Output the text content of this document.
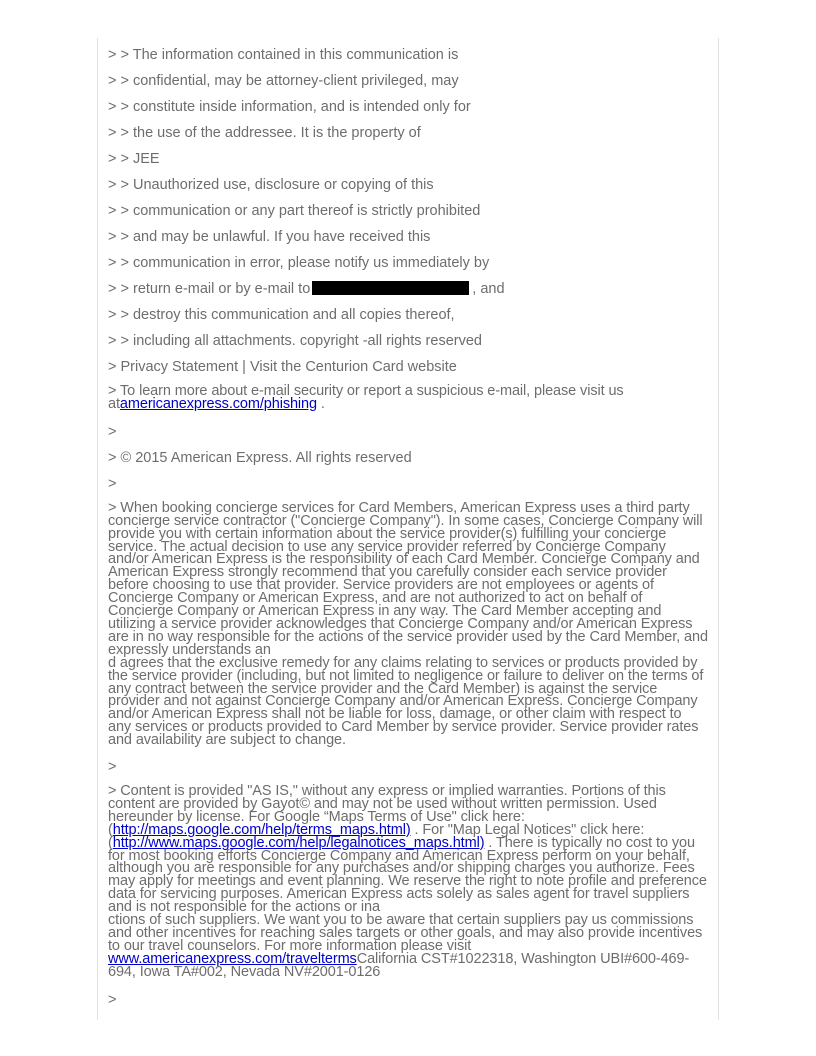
> > The information contained in this communication is
> > confidential, may be attorney-client privileged, may
> > constitute inside information, and is intended only for
> > the use of the addressee. It is the property of
> > JEE
> > Unauthorized use, disclosure or copying of this
> > communication or any part thereof is strictly prohibited
> > and may be unlawful. If you have received this
> > communication in error, please notify us immediately by
> > return e-mail or by e-mail to	, and
> > destroy this communication and all copies thereof,
> > including all attachments. copyright -all rights reserved
> Privacy Statement | Visit the Centurion Card website
> To learn more about e-mail security or report a suspicious e-mail, please visit us atamericanexpress.com/phishing .
>
> © 2015 American Express. All rights reserved
>
> When booking concierge services for Card Members, American Express uses a third party concierge service contractor ("Concierge Company"). In some cases, Concierge Company will provide you with certain information about the service provider(s) fulfilling your concierge service. The actual decision to use any service provider referred by Concierge Company and/or American Express is the responsibility of each Card Member. Concierge Company and American Express strongly recommend that you carefully consider each service provider before choosing to use that provider. Service providers are not employees or agents of Concierge Company or American Express, and are not authorized to act on behalf of Concierge Company or American Express in any way. The Card Member accepting and utilizing a service provider acknowledges that Concierge Company and/or American Express are in no way responsible for the actions of the service provider used by the Card Member, and expressly understands an
d agrees that the exclusive remedy for any claims relating to services or products provided by the service provider (including, but not limited to negligence or failure to deliver on the terms of any contract between the service provider and the Card Member) is against the service provider and not against Concierge Company and/or American Express. Concierge Company and/or American Express shall not be liable for loss, damage, or other claim with respect to any services or products provided to Card Member by service provider. Service provider rates and availability are subject to change.
>
> Content is provided "AS IS," without any express or implied warranties. Portions of this content are provided by Gayot© and may not be used without written permission. Used hereunder by license. For Google “Maps Terms of Use" click here: (http://maps.google.com/help/terms_maps.html) . For "Map Legal Notices" click here: (http://www.maps.google.com/help/legalnotices_maps.html) . There is typically no cost to you for most booking efforts Concierge Company and American Express perform on your behalf, although you are responsible for any purchases and/or shipping charges you authorize. Fees may apply for meetings and event planning. We reserve the right to note profile and preference data for servicing purposes. American Express acts solely as sales agent for travel suppliers and is not responsible for the actions or ina
ctions of such suppliers. We want you to be aware that certain suppliers pay us commissions and other incentives for reaching sales targets or other goals, and may also provide incentives to our travel counselors. For more information please visit www.americanexpress.com/traveltermsCalifornia CST#1022318, Washington UBI#600-469-694, Iowa TA#002, Nevada NV#2001-0126
>
